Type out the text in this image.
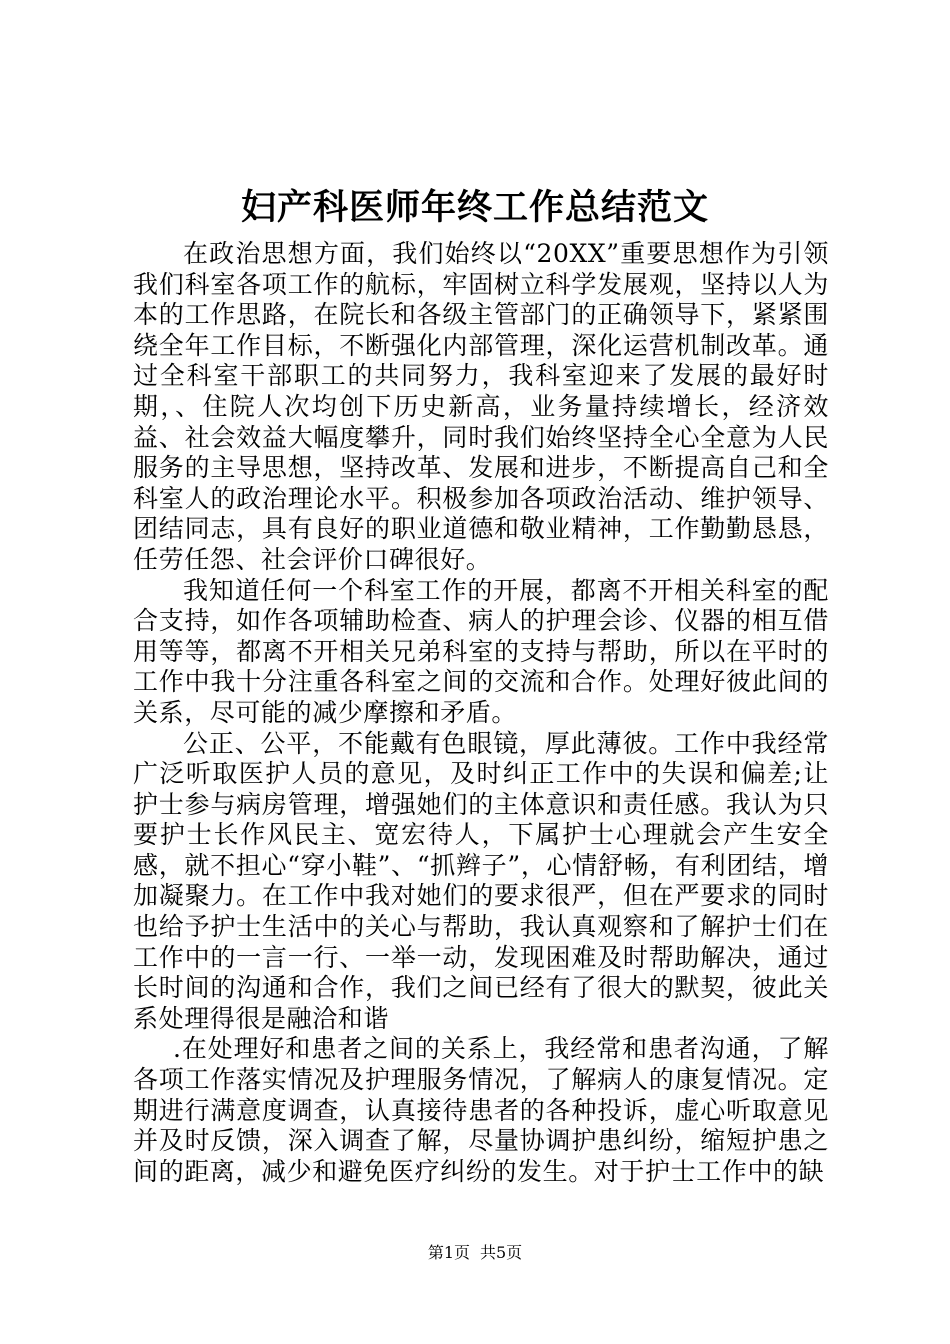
妇产科医师年终工作总结范文

在政治思想方面，我们始终以“20XX”重要思想作为引领我们科室各项工作的航标，牢固树立科学发展观，坚持以人为本的工作思路，在院长和各级主管部门的正确领导下，紧紧围绕全年工作目标，不断强化内部管理，深化运营机制改革。通过全科室干部职工的共同努力，我科室迎来了发展的最好时期，、住院人次均创下历史新高，业务量持续增长，经济效益、社会效益大幅度攀升，同时我们始终坚持全心全意为人民服务的主导思想，坚持改革、发展和进步，不断提高自己和全科室人的政治理论水平。积极参加各项政治活动、维护领导、团结同志，具有良好的职业道德和敬业精神，工作勤勤恳恳，任劳任怨、社会评价口碑很好。

我知道任何一个科室工作的开展，都离不开相关科室的配合支持，如作各项辅助检查、病人的护理会诊、仪器的相互借用等等，都离不开相关兄弟科室的支持与帮助，所以在平时的工作中我十分注重各科室之间的交流和合作。处理好彼此间的关系，尽可能的减少摩擦和矛盾。

公正、公平，不能戴有色眼镜，厚此薄彼。工作中我经常广泛听取医护人员的意见，及时纠正工作中的失误和偏差;让护士参与病房管理，增强她们的主体意识和责任感。我认为只要护士长作风民主、宽宏待人，下属护士心理就会产生安全感，就不担心“穿小鞋”、“抓辫子”，心情舒畅，有利团结，增加凝聚力。在工作中我对她们的要求很严，但在严要求的同时也给予护士生活中的关心与帮助，我认真观察和了解护士们在工作中的一言一行、一举一动，发现困难及时帮助解决，通过长时间的沟通和合作，我们之间已经有了很大的默契，彼此关系处理得很是融洽和谐

.在处理好和患者之间的关系上，我经常和患者沟通，了解各项工作落实情况及护理服务情况，了解病人的康复情况。定期进行满意度调查，认真接待患者的各种投诉，虚心听取意见并及时反馈，深入调查了解，尽量协调护患纠纷，缩短护患之间的距离，减少和避免医疗纠纷的发生。对于护士工作中的缺

第1页 共5页
